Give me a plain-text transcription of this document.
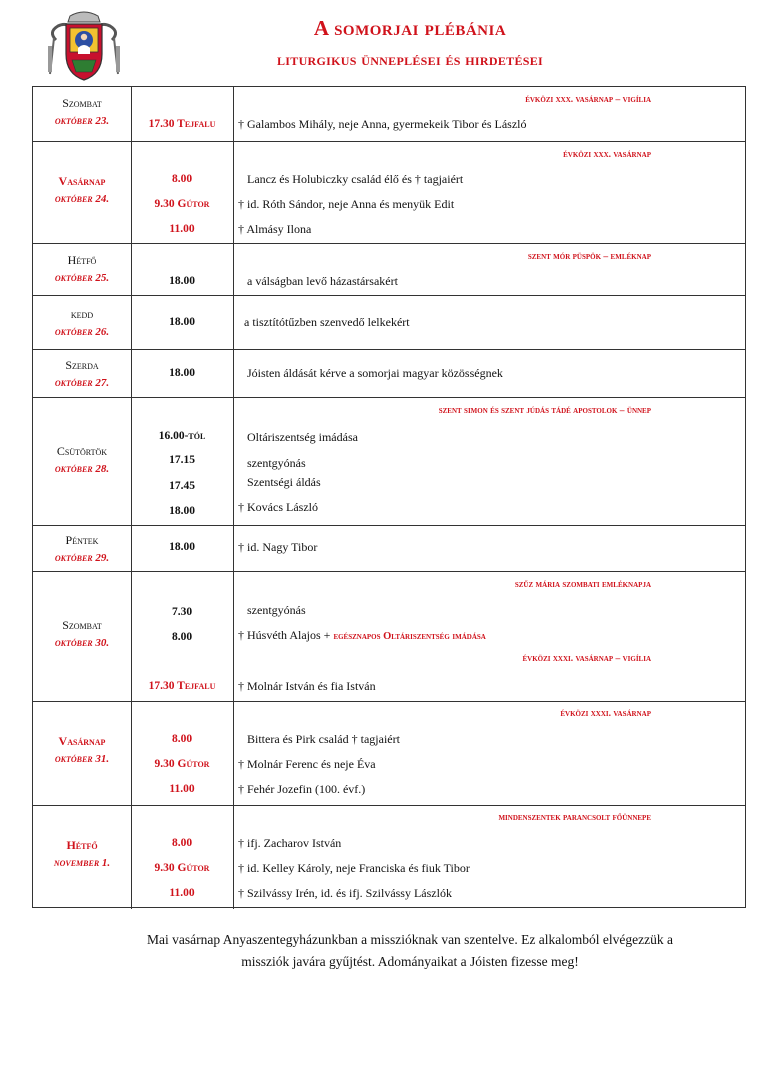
A somorjai plébánia
liturgikus ünneplései és hirdetései
Szombat
október 23.
évközi xxx. vasárnap – vigília
17.30 Tejfalu	† Galambos Mihály, neje Anna, gyermekeik Tibor és László
Vasárnap
október 24.
évközi xxx. vasárnap
8.00	Lancz és Holubiczky család élő és † tagjaiért
9.30 Gútor	† id. Róth Sándor, neje Anna és menyük Edit
11.00	† Almásy Ilona
Hétfő
október 25.
szent mór püspök – emléknap
18.00	a válságban levő házastársakért
kedd
október 26.
18.00	a tisztítótűzben szenvedő lelkekért
Szerda
október 27.
18.00	Jóisten áldását kérve a somorjai magyar közösségnek
Csütörtök
október 28.
szent simon és szent júdás tádé apostolok – ünnep
16.00-tól	Oltáriszentség imádása
17.15	szentgyónás
17.45	Szentségi áldás
18.00	† Kovács László
Péntek
október 29.
18.00	† id. Nagy Tibor
Szombat
október 30.
szűz mária szombati emléknapja
7.30	szentgyónás
8.00	† Húsvéth Alajos + egésznapos Oltáriszentség imádása
évközi xxxi. vasárnap – vigília
17.30 Tejfalu	† Molnár István és fia István
Vasárnap
október 31.
évközi xxxi. vasárnap
8.00	Bittera és Pirk család † tagjaiért
9.30 Gútor	† Molnár Ferenc és neje Éva
11.00	† Fehér Jozefin (100. évf.)
Hétfő
november 1.
mindenszentek parancsolt főünnepe
8.00	† ifj. Zacharov István
9.30 Gútor	† id. Kelley Károly, neje Franciska és fiuk Tibor
11.00	† Szilvássy Irén, id. és ifj. Szilvássy Lászlók
Mai vasárnap Anyaszentegyházunkban a misszióknak van szentelve. Ez alkalomból elvégezzük a
missziók javára gyűjtést. Adományaikat a Jóisten fizesse meg!
